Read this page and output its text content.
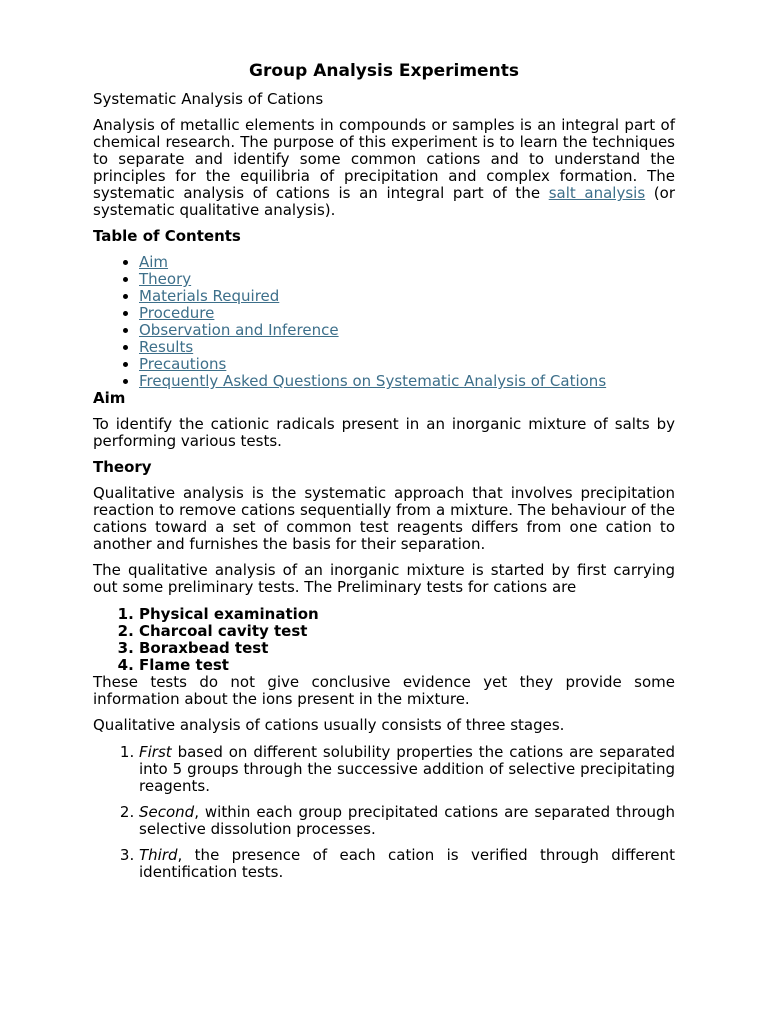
Group Analysis Experiments

Systematic Analysis of Cations

Analysis of metallic elements in compounds or samples is an integral part of chemical research. The purpose of this experiment is to learn the techniques to separate and identify some common cations and to understand the principles for the equilibria of precipitation and complex formation. The systematic analysis of cations is an integral part of the salt analysis (or systematic qualitative analysis).

Table of Contents

• Aim
• Theory
• Materials Required
• Procedure
• Observation and Inference
• Results
• Precautions
• Frequently Asked Questions on Systematic Analysis of Cations

Aim

To identify the cationic radicals present in an inorganic mixture of salts by performing various tests.

Theory

Qualitative analysis is the systematic approach that involves precipitation reaction to remove cations sequentially from a mixture. The behaviour of the cations toward a set of common test reagents differs from one cation to another and furnishes the basis for their separation.

The qualitative analysis of an inorganic mixture is started by first carrying out some preliminary tests. The Preliminary tests for cations are

1. Physical examination
2. Charcoal cavity test
3. Boraxbead test
4. Flame test

These tests do not give conclusive evidence yet they provide some information about the ions present in the mixture.

Qualitative analysis of cations usually consists of three stages.

1. First based on different solubility properties the cations are separated into 5 groups through the successive addition of selective precipitating reagents.
2. Second, within each group precipitated cations are separated through selective dissolution processes.
3. Third, the presence of each cation is verified through different identification tests.
